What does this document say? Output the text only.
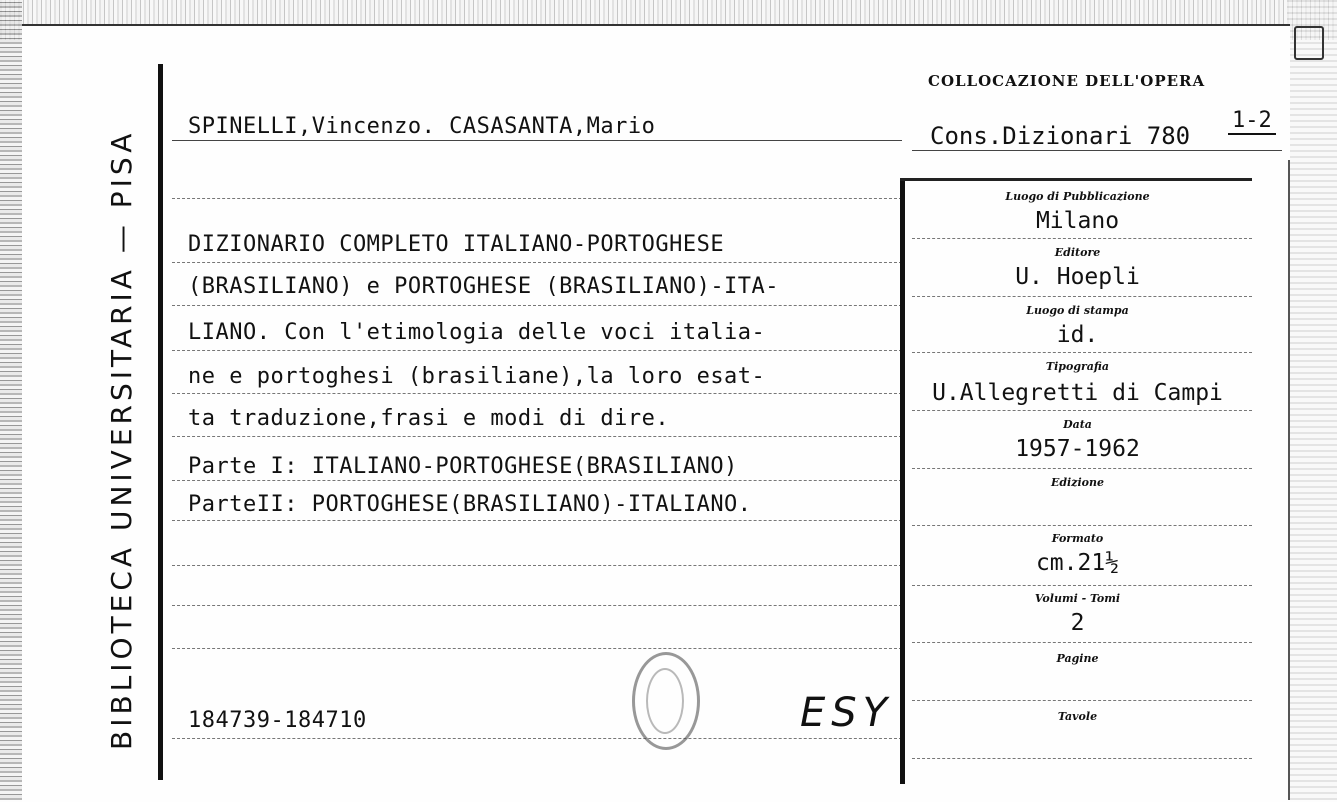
BIBLIOTECA UNIVERSITARIA — PISA
COLLOCAZIONE DELL'OPERA
Cons.Dizionari 780
1-2
SPINELLI,Vincenzo. CASASANTA,Mario
DIZIONARIO COMPLETO ITALIANO-PORTOGHESE
(BRASILIANO) e PORTOGHESE (BRASILIANO)-ITA-
LIANO. Con l'etimologia delle voci italia-
ne e portoghesi (brasiliane),la loro esat-
ta traduzione,frasi e modi di dire.
Parte I: ITALIANO-PORTOGHESE(BRASILIANO)
ParteII: PORTOGHESE(BRASILIANO)-ITALIANO.
184739-184710	ESY
Luogo di Pubblicazione
Milano
Editore
U. Hoepli
Luogo di stampa
id.
Tipografia
U.Allegretti di Campi
Data
1957-1962
Edizione
Formato
cm.21½
Volumi - Tomi
2
Pagine
Tavole
